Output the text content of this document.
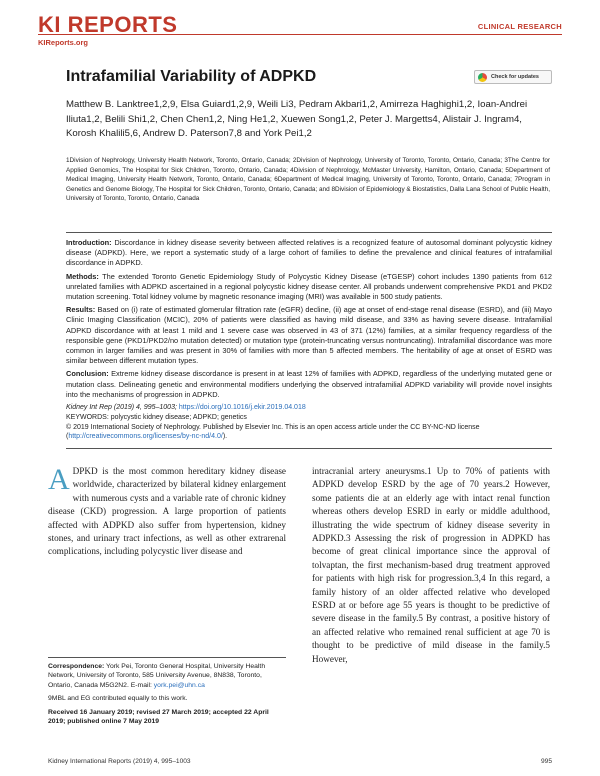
KI REPORTS
KIReports.org
CLINICAL RESEARCH
Intrafamilial Variability of ADPKD	Check for updates
Matthew B. Lanktree1,2,9, Elsa Guiard1,2,9, Weili Li3, Pedram Akbari1,2, Amirreza Haghighi1,2, Ioan-Andrei Iliuta1,2, Belili Shi1,2, Chen Chen1,2, Ning He1,2, Xuewen Song1,2, Peter J. Margetts4, Alistair J. Ingram4, Korosh Khalili5,6, Andrew D. Paterson7,8 and York Pei1,2
1Division of Nephrology, University Health Network, Toronto, Ontario, Canada; 2Division of Nephrology, University of Toronto, Toronto, Ontario, Canada; 3The Centre for Applied Genomics, The Hospital for Sick Children, Toronto, Ontario, Canada; 4Division of Nephrology, McMaster University, Hamilton, Ontario, Canada; 5Department of Medical Imaging, University Health Network, Toronto, Ontario, Canada; 6Department of Medical Imaging, University of Toronto, Toronto, Ontario, Canada; 7Program in Genetics and Genome Biology, The Hospital for Sick Children, Toronto, Ontario, Canada; and 8Division of Epidemiology & Biostatistics, Dalla Lana School of Public Health, University of Toronto, Toronto, Ontario, Canada

Introduction: Discordance in kidney disease severity between affected relatives is a recognized feature of autosomal dominant polycystic kidney disease (ADPKD). Here, we report a systematic study of a large cohort of families to define the prevalence and clinical features of intrafamilial discordance in ADPKD.

Methods: The extended Toronto Genetic Epidemiology Study of Polycystic Kidney Disease (eTGESP) cohort includes 1390 patients from 612 unrelated families with ADPKD ascertained in a regional polycystic kidney disease center. All probands underwent comprehensive PKD1 and PKD2 mutation screening. Total kidney volume by magnetic resonance imaging (MRI) was available in 500 study patients.

Results: Based on (i) rate of estimated glomerular filtration rate (eGFR) decline, (ii) age at onset of end-stage renal disease (ESRD), and (iii) Mayo Clinic Imaging Classification (MCIC), 20% of patients were classified as having mild disease, and 33% as having severe disease. Intrafamilial ADPKD discordance with at least 1 mild and 1 severe case was observed in 43 of 371 (12%) families, at a similar frequency regardless of the responsible gene (PKD1/PKD2/no mutation detected) or mutation type (protein-truncating versus nontruncating). Intrafamilial discordance was more common in larger families and was present in 30% of families with more than 5 affected members. The heritability of age at onset of ESRD was similar between different mutation types.

Conclusion: Extreme kidney disease discordance is present in at least 12% of families with ADPKD, regardless of the underlying mutated gene or mutation class. Delineating genetic and environmental modifiers underlying the observed intrafamilial ADPKD variability will provide novel insights into the mechanisms of progression in ADPKD.

Kidney Int Rep (2019) 4, 995–1003; https://doi.org/10.1016/j.ekir.2019.04.018
KEYWORDS: polycystic kidney disease; ADPKD; genetics
© 2019 International Society of Nephrology. Published by Elsevier Inc. This is an open access article under the CC BY-NC-ND license (http://creativecommons.org/licenses/by-nc-nd/4.0/).
ADPKD is the most common hereditary kidney disease worldwide, characterized by bilateral kidney enlargement with numerous cysts and a variable rate of chronic kidney disease (CKD) progression. A large proportion of patients affected with ADPKD also suffer from hypertension, kidney stones, and urinary tract infections, as well as other extrarenal complications, including polycystic liver disease and
intracranial artery aneurysms.1 Up to 70% of patients with ADPKD develop ESRD by the age of 70 years.2 However, some patients die at an elderly age with intact renal function whereas others develop ESRD in early or middle adulthood, illustrating the wide spectrum of kidney disease severity in ADPKD.3 Assessing the risk of progression in ADPKD has become of great clinical importance since the approval of tolvaptan, the first mechanism-based drug treatment approved for patients with high risk for progression.3,4 In this regard, a family history of an older affected relative who developed ESRD at or before age 55 years is thought to be predictive of severe disease in the family.5 By contrast, a positive history of an affected relative who remained renal sufficient at age 70 is thought to be predictive of mild disease in the family.5 However,
Correspondence: York Pei, Toronto General Hospital, University Health Network, University of Toronto, 585 University Avenue, 8N838, Toronto, Ontario, Canada M5G2N2. E-mail: york.pei@uhn.ca
9MBL and EG contributed equally to this work.
Received 16 January 2019; revised 27 March 2019; accepted 22 April 2019; published online 7 May 2019
Kidney International Reports (2019) 4, 995–1003	995
